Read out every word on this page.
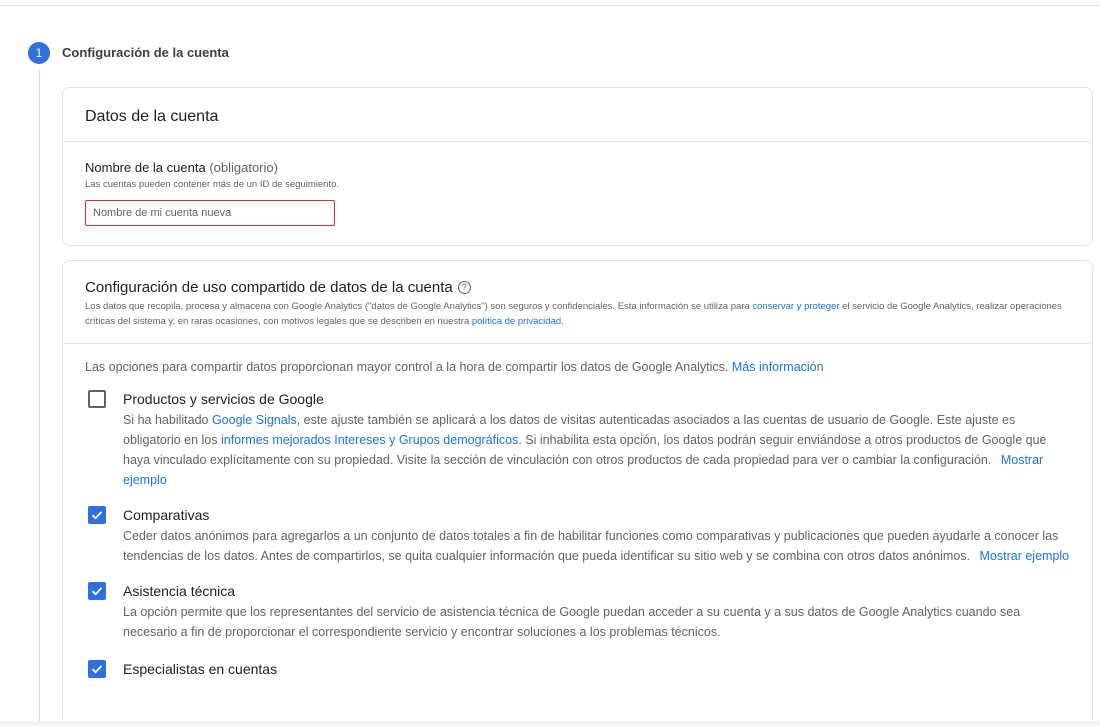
1	Configuración de la cuenta
Datos de la cuenta
Nombre de la cuenta (obligatorio)
Las cuentas pueden contener más de un ID de seguimiento.
Nombre de mi cuenta nueva
Configuración de uso compartido de datos de la cuenta ?
Los datos que recopila, procesa y almacena con Google Analytics ("datos de Google Analytics") son seguros y confidenciales. Esta información se utiliza para conservar y proteger el servicio de Google Analytics, realizar operaciones críticas del sistema y, en raras ocasiones, con motivos legales que se describen en nuestra política de privacidad.
Las opciones para compartir datos proporcionan mayor control a la hora de compartir los datos de Google Analytics. Más información
Productos y servicios de Google
Si ha habilitado Google Signals, este ajuste también se aplicará a los datos de visitas autenticadas asociados a las cuentas de usuario de Google. Este ajuste es obligatorio en los informes mejorados Intereses y Grupos demográficos. Si inhabilita esta opción, los datos podrán seguir enviándose a otros productos de Google que haya vinculado explícitamente con su propiedad. Visite la sección de vinculación con otros productos de cada propiedad para ver o cambiar la configuración. Mostrar ejemplo
Comparativas
Ceder datos anónimos para agregarlos a un conjunto de datos totales a fin de habilitar funciones como comparativas y publicaciones que pueden ayudarle a conocer las tendencias de los datos. Antes de compartirlos, se quita cualquier información que pueda identificar su sitio web y se combina con otros datos anónimos. Mostrar ejemplo
Asistencia técnica
La opción permite que los representantes del servicio de asistencia técnica de Google puedan acceder a su cuenta y a sus datos de Google Analytics cuando sea necesario a fin de proporcionar el correspondiente servicio y encontrar soluciones a los problemas técnicos.
Especialistas en cuentas
